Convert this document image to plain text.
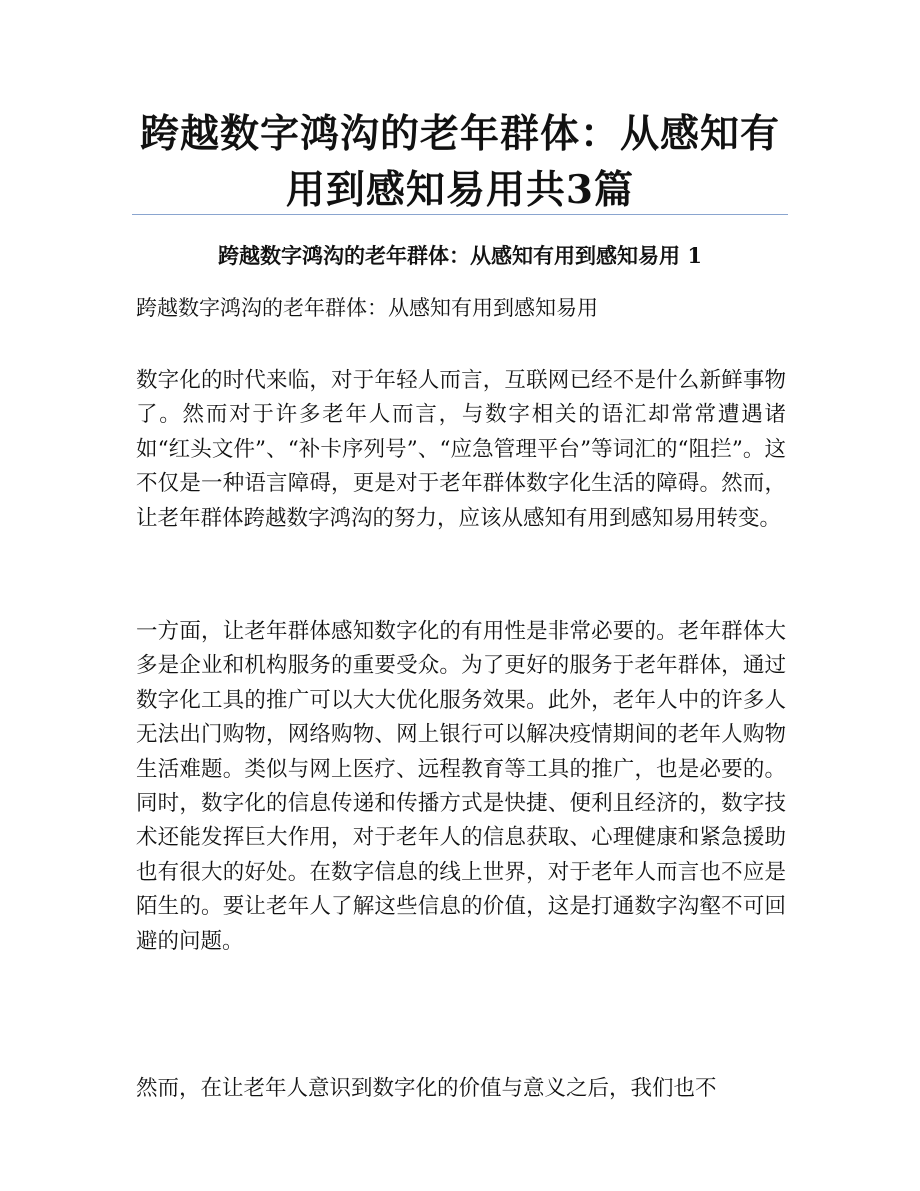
跨越数字鸿沟的老年群体：从感知有用到感知易用共3篇
跨越数字鸿沟的老年群体：从感知有用到感知易用 1
跨越数字鸿沟的老年群体：从感知有用到感知易用

数字化的时代来临，对于年轻人而言，互联网已经不是什么新鲜事物了。然而对于许多老年人而言，与数字相关的语汇却常常遭遇诸如“红头文件”、“补卡序列号”、“应急管理平台”等词汇的“阻拦”。这不仅是一种语言障碍，更是对于老年群体数字化生活的障碍。然而，让老年群体跨越数字鸿沟的努力，应该从感知有用到感知易用转变。

一方面，让老年群体感知数字化的有用性是非常必要的。老年群体大多是企业和机构服务的重要受众。为了更好的服务于老年群体，通过数字化工具的推广可以大大优化服务效果。此外，老年人中的许多人无法出门购物，网络购物、网上银行可以解决疫情期间的老年人购物生活难题。类似与网上医疗、远程教育等工具的推广，也是必要的。同时，数字化的信息传递和传播方式是快捷、便利且经济的，数字技术还能发挥巨大作用，对于老年人的信息获取、心理健康和紧急援助也有很大的好处。在数字信息的线上世界，对于老年人而言也不应是陌生的。要让老年人了解这些信息的价值，这是打通数字沟壑不可回避的问题。

然而，在让老年人意识到数字化的价值与意义之后，我们也不
